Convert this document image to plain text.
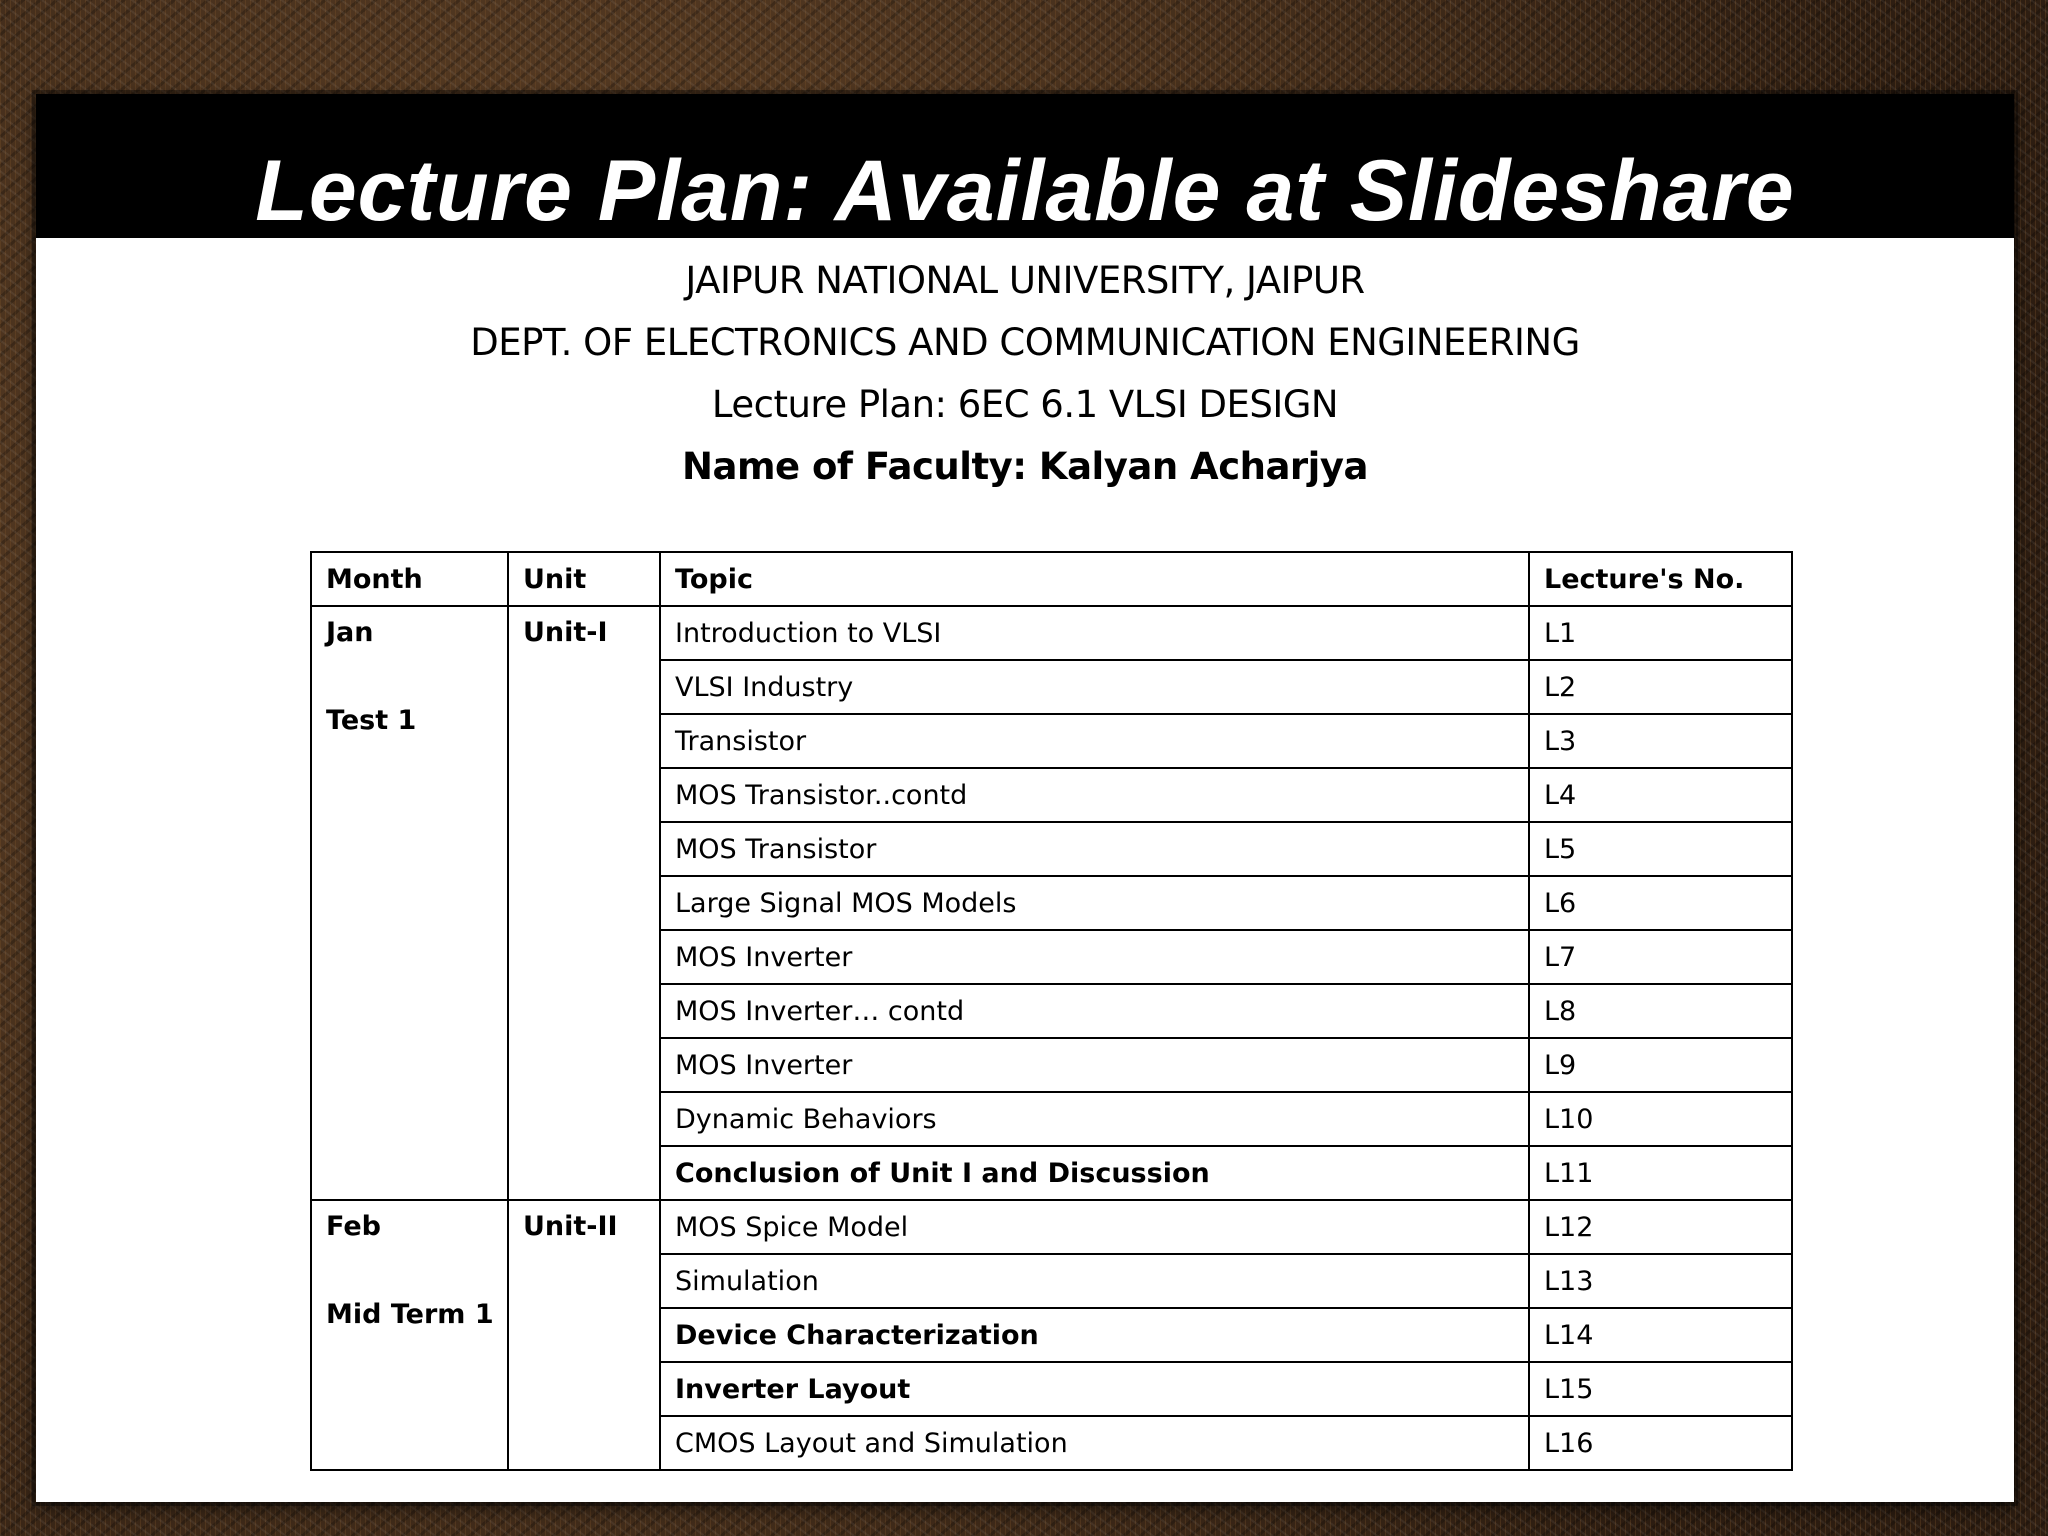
Lecture Plan: Available at Slideshare
JAIPUR NATIONAL UNIVERSITY, JAIPUR
DEPT. OF ELECTRONICS AND COMMUNICATION ENGINEERING
Lecture Plan: 6EC 6.1 VLSI DESIGN
Name of Faculty: Kalyan Acharjya
Month	Unit	Topic	Lecture's No.

Jan
Test 1	Unit-I	Introduction to VLSI	L1
		VLSI Industry	L2
		Transistor	L3
		MOS Transistor..contd	L4
		MOS Transistor	L5
		Large Signal MOS Models	L6
		MOS Inverter	L7
		MOS Inverter… contd	L8
		MOS Inverter	L9
		Dynamic Behaviors	L10
		Conclusion of Unit I and Discussion	L11

Feb
Mid Term 1	Unit-II	MOS Spice Model	L12
		Simulation	L13
		Device Characterization	L14
		Inverter Layout	L15
		CMOS Layout and Simulation	L16
